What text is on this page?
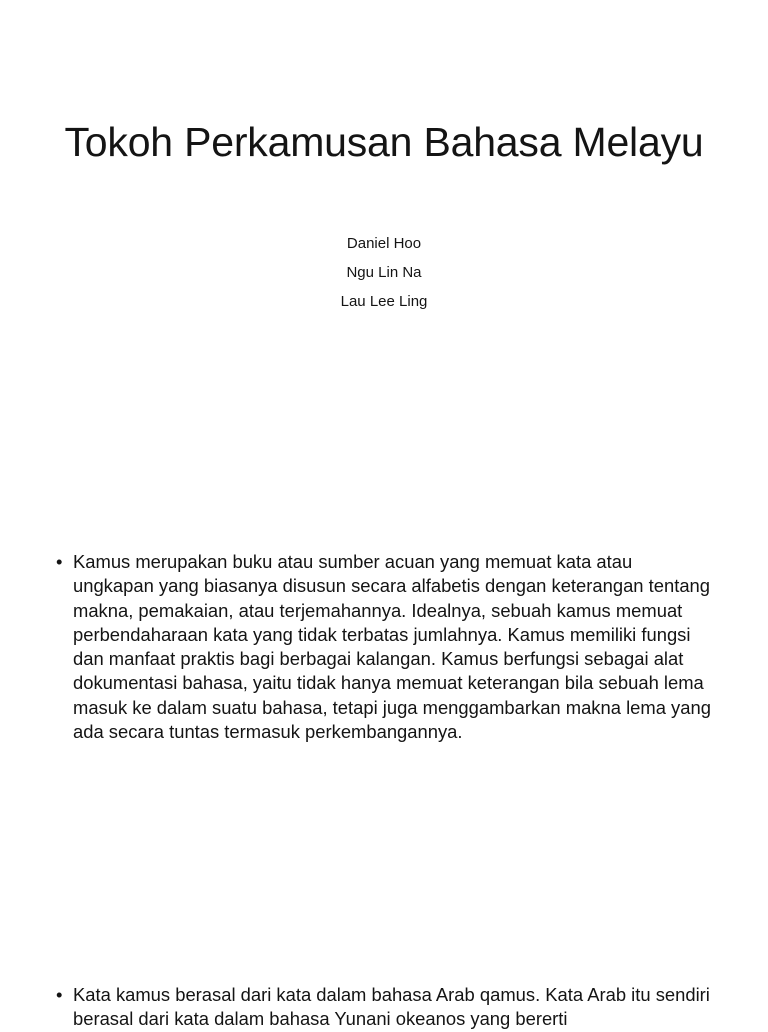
Tokoh Perkamusan Bahasa Melayu
Daniel Hoo
Ngu Lin Na
Lau Lee Ling
• Kamus merupakan buku atau sumber acuan yang memuat kata atau ungkapan yang biasanya disusun secara alfabetis dengan keterangan tentang makna, pemakaian, atau terjemahannya. Idealnya, sebuah kamus memuat perbendaharaan kata yang tidak terbatas jumlahnya. Kamus memiliki fungsi dan manfaat praktis bagi berbagai kalangan. Kamus berfungsi sebagai alat dokumentasi bahasa, yaitu tidak hanya memuat keterangan bila sebuah lema masuk ke dalam suatu bahasa, tetapi juga menggambarkan makna lema yang ada secara tuntas termasuk perkembangannya.
• Kata kamus berasal dari kata dalam bahasa Arab qamus. Kata Arab itu sendiri berasal dari kata dalam bahasa Yunani okeanos yang bererti
